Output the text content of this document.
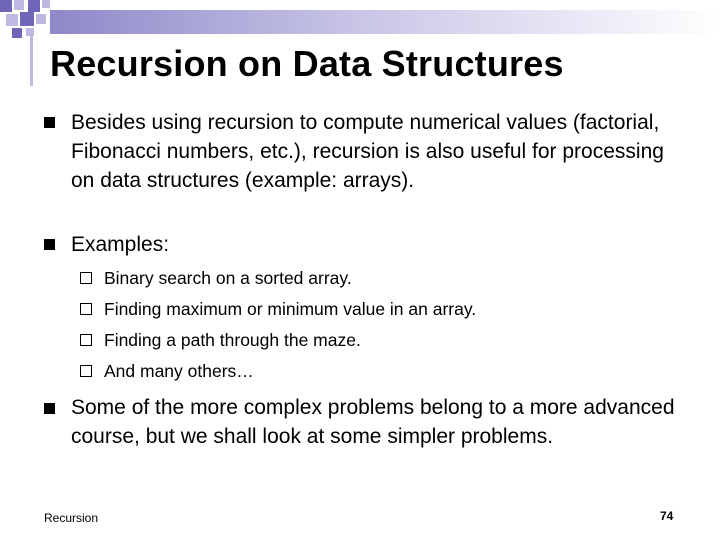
Recursion on Data Structures
Besides using recursion to compute numerical values (factorial, Fibonacci numbers, etc.), recursion is also useful for processing on data structures (example: arrays).
Examples:
Binary search on a sorted array.
Finding maximum or minimum value in an array.
Finding a path through the maze.
And many others…
Some of the more complex problems belong to a more advanced course, but we shall look at some simpler problems.
Recursion	74
